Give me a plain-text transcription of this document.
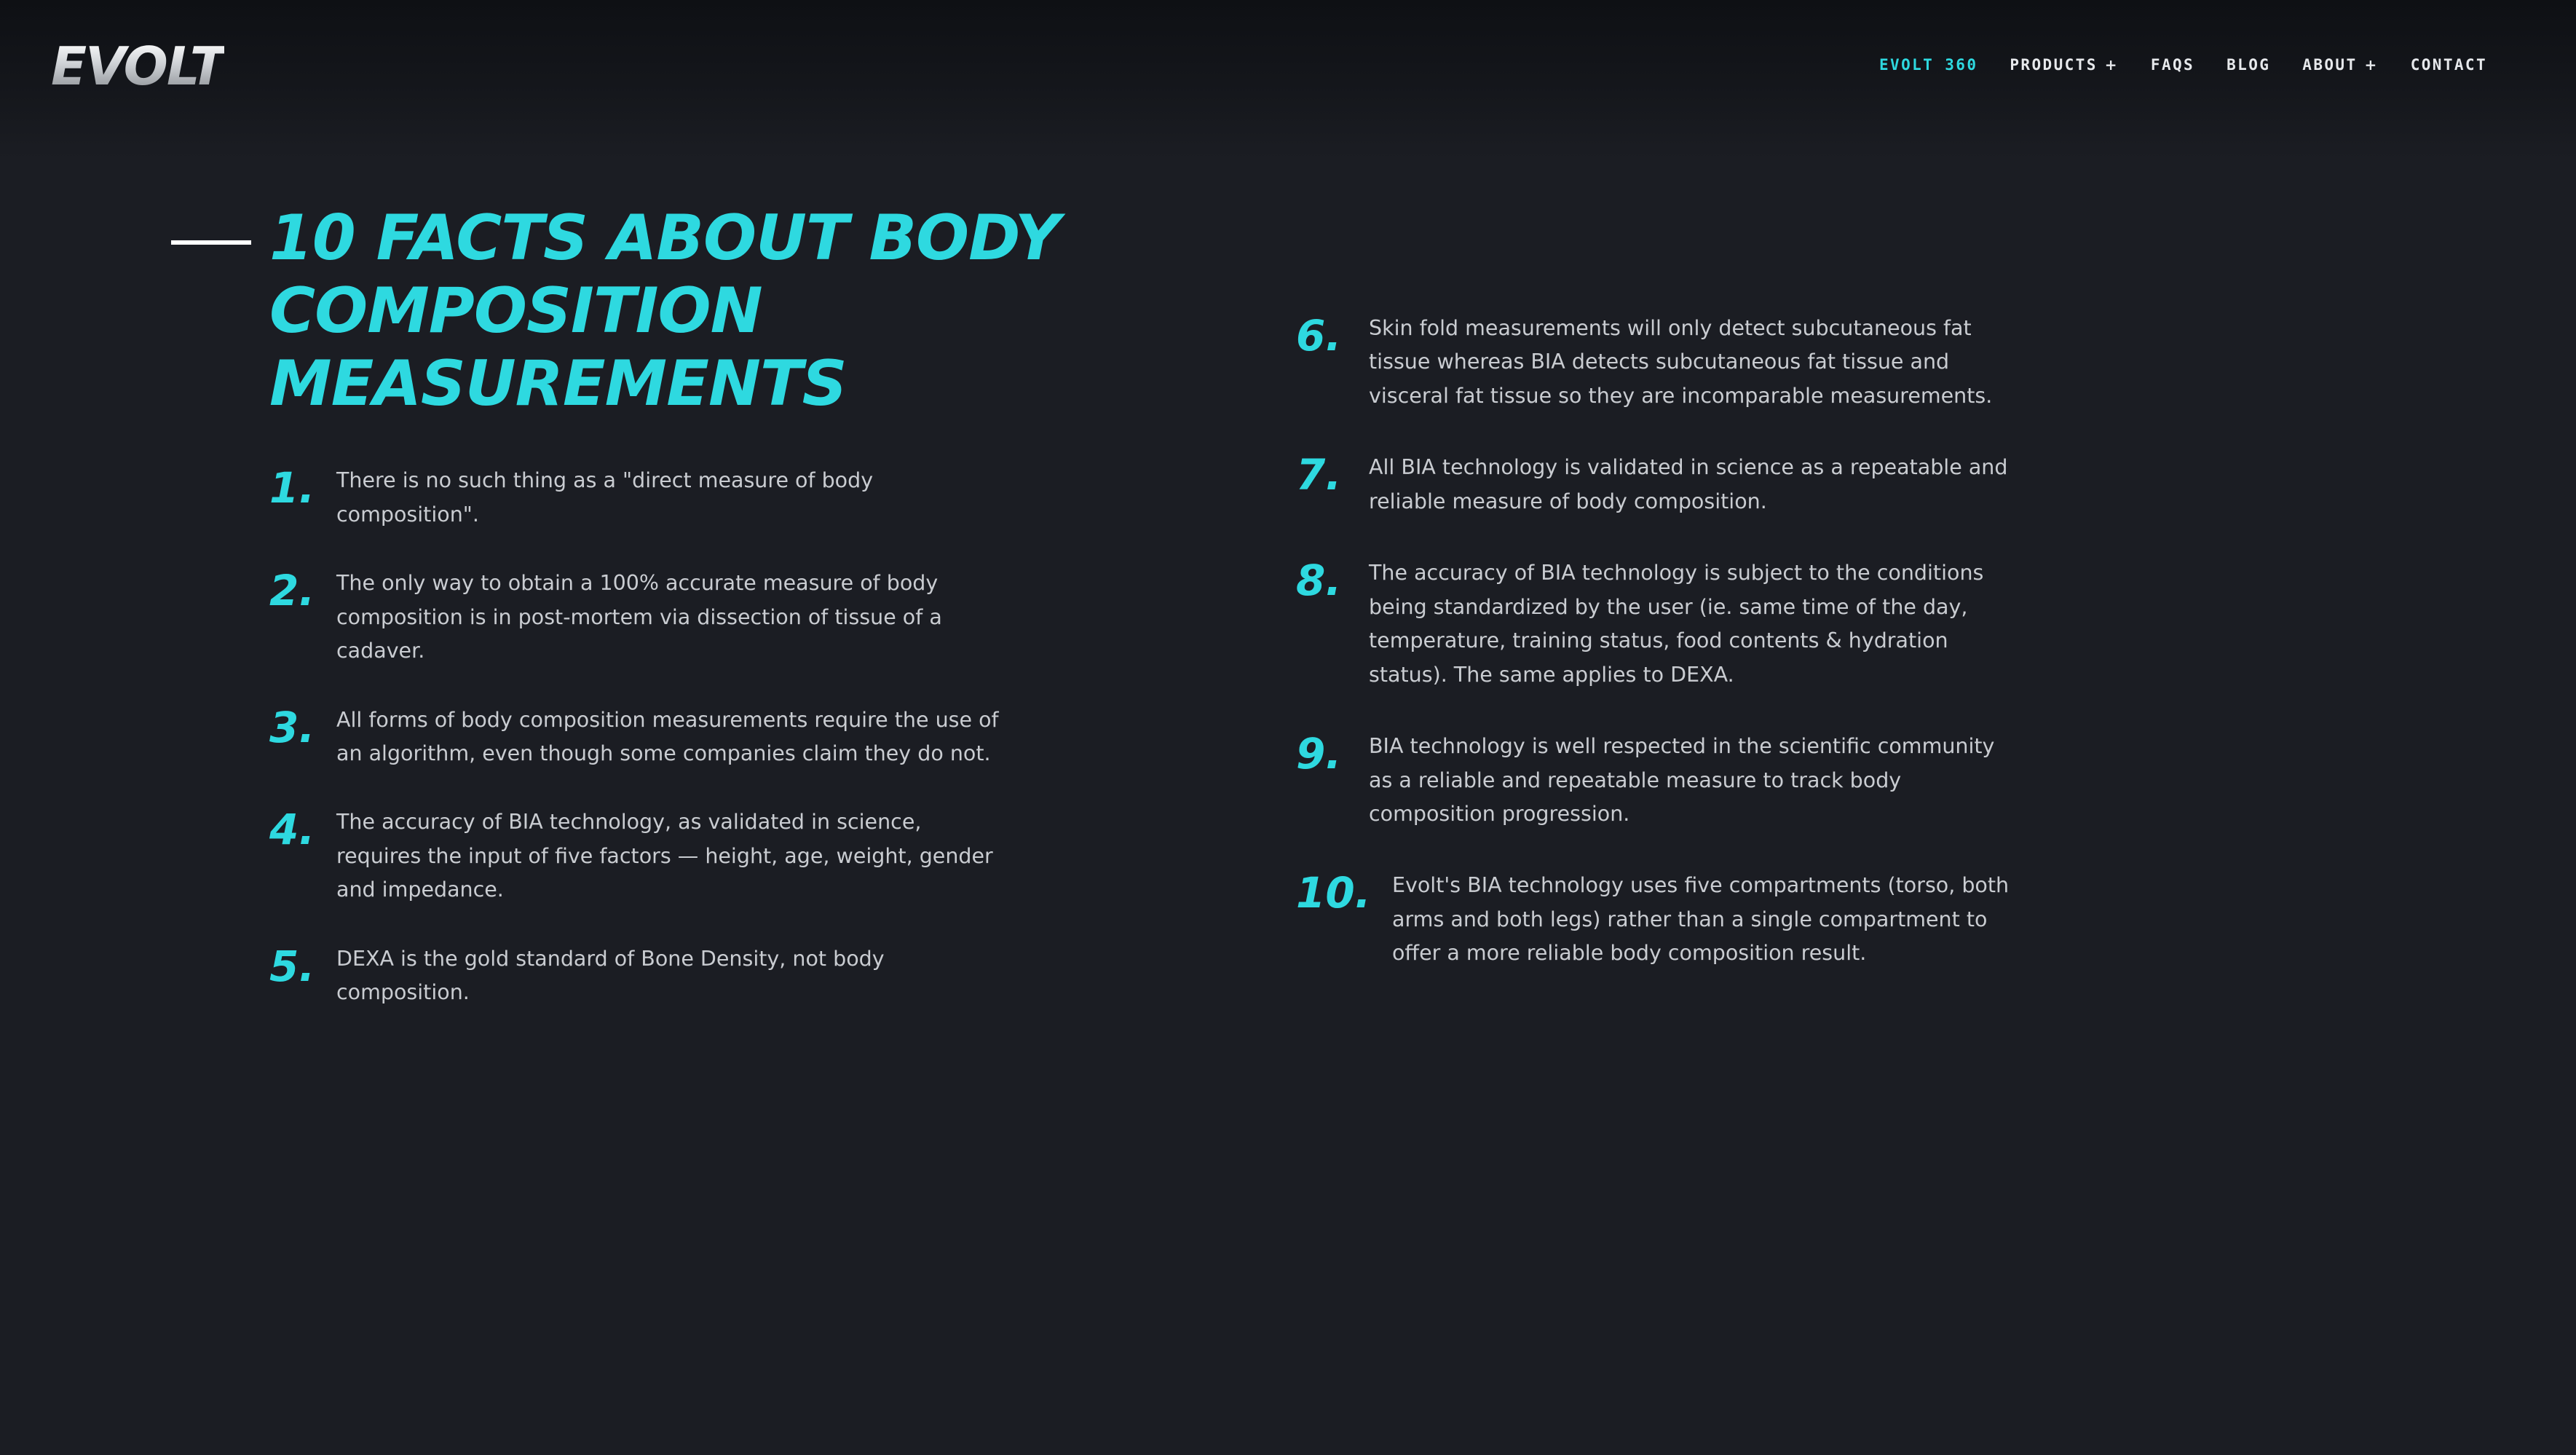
EVOLT	EVOLT 360 PRODUCTS + FAQS BLOG ABOUT + CONTACT
10 FACTS ABOUT BODY COMPOSITION MEASUREMENTS
1.	There is no such thing as a "direct measure of body composition".
2.	The only way to obtain a 100% accurate measure of body composition is in post-mortem via dissection of tissue of a cadaver.
3.	All forms of body composition measurements require the use of an algorithm, even though some companies claim they do not.
4.	The accuracy of BIA technology, as validated in science, requires the input of five factors — height, age, weight, gender and impedance.
5.	DEXA is the gold standard of Bone Density, not body composition.
6.	Skin fold measurements will only detect subcutaneous fat tissue whereas BIA detects subcutaneous fat tissue and visceral fat tissue so they are incomparable measurements.
7.	All BIA technology is validated in science as a repeatable and reliable measure of body composition.
8.	The accuracy of BIA technology is subject to the conditions being standardized by the user (ie. same time of the day, temperature, training status, food contents & hydration status). The same applies to DEXA.
9.	BIA technology is well respected in the scientific community as a reliable and repeatable measure to track body composition progression.
10.	Evolt's BIA technology uses five compartments (torso, both arms and both legs) rather than a single compartment to offer a more reliable body composition result.
